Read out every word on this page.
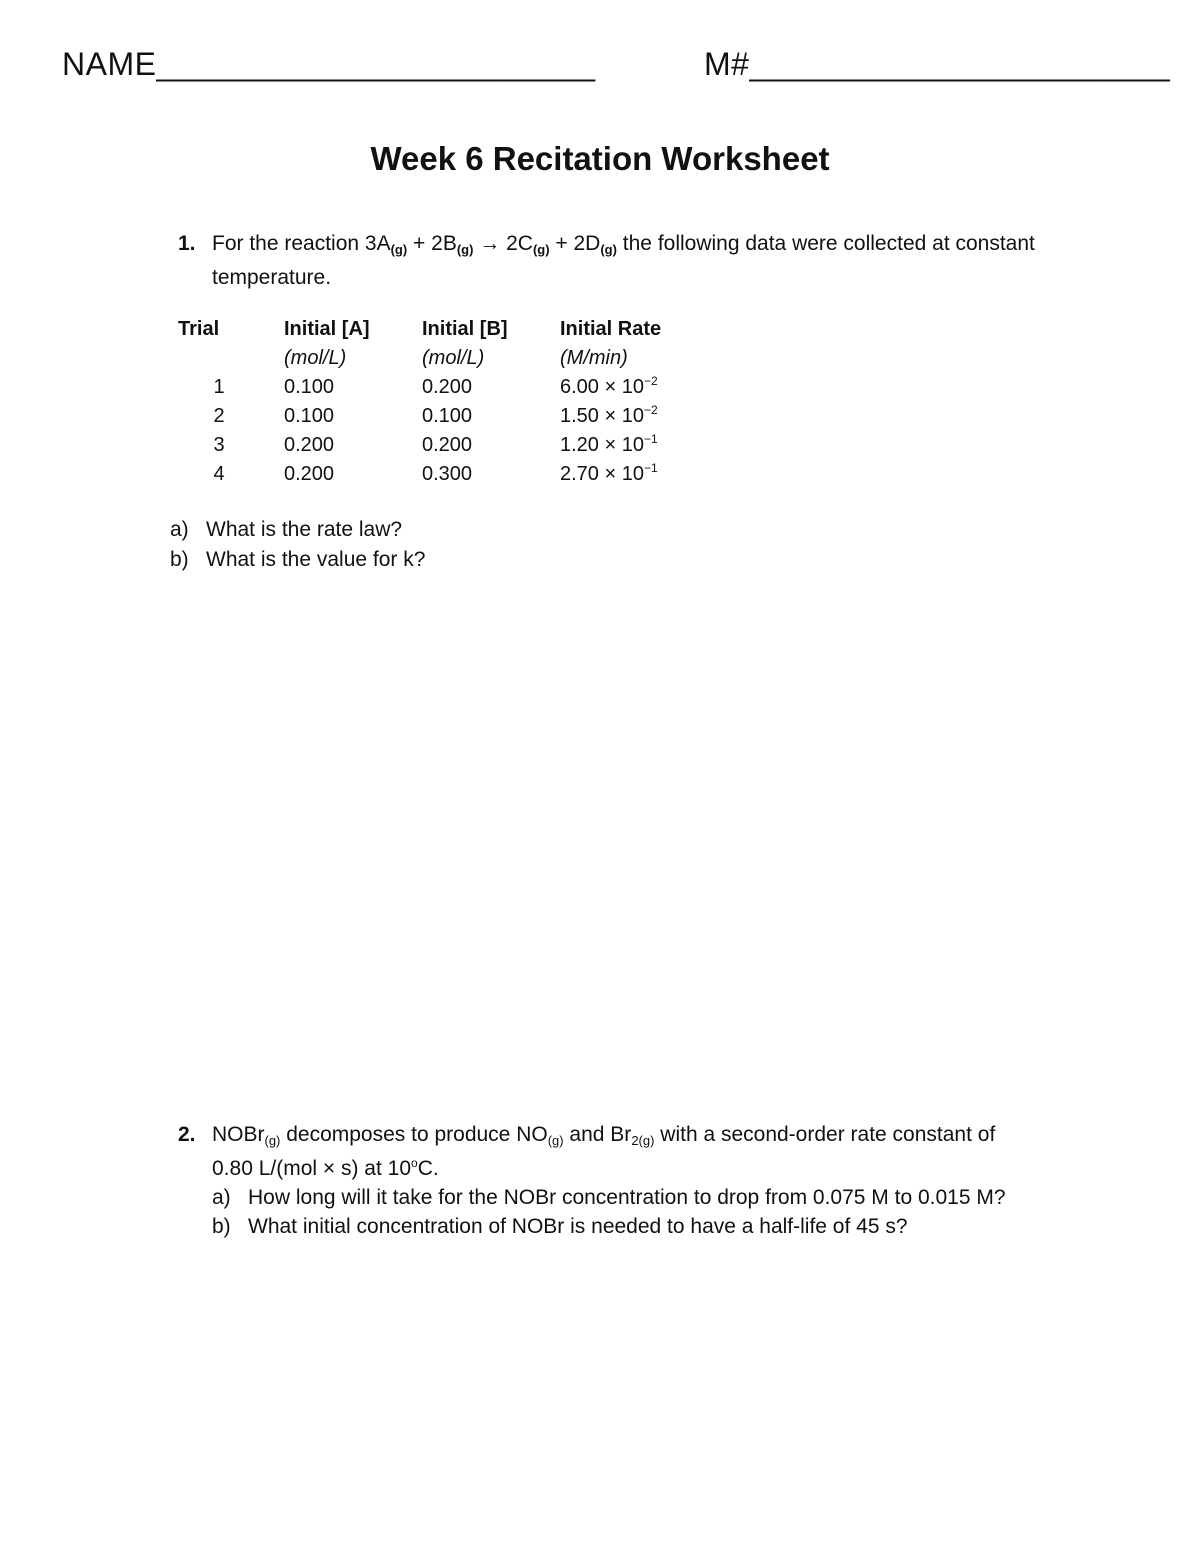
NAME________________________	M#_______________________
Week 6 Recitation Worksheet
1. For the reaction $3A_{(g)} + 2B_{(g)} \to 2C_{(g)} + 2D_{(g)}$ the following data were collected at constant
temperature.
Trial	Initial [A]	Initial [B]	Initial Rate
	(mol/L)	(mol/L)	(M/min)
1	0.100	0.200	$6.00 \times 10^{-2}$
2	0.100	0.100	$1.50 \times 10^{-2}$
3	0.200	0.200	$1.20 \times 10^{-1}$
4	0.200	0.300	$2.70 \times 10^{-1}$
a) What is the rate law?
b) What is the value for k?
2. NOBr(g) decomposes to produce NO(g) and Br2(g) with a second-order rate constant of
0.80 L/(mol × s) at 10$^o$C.
a) How long will it take for the NOBr concentration to drop from 0.075 M to 0.015 M?
b) What initial concentration of NOBr is needed to have a half-life of 45 s?
